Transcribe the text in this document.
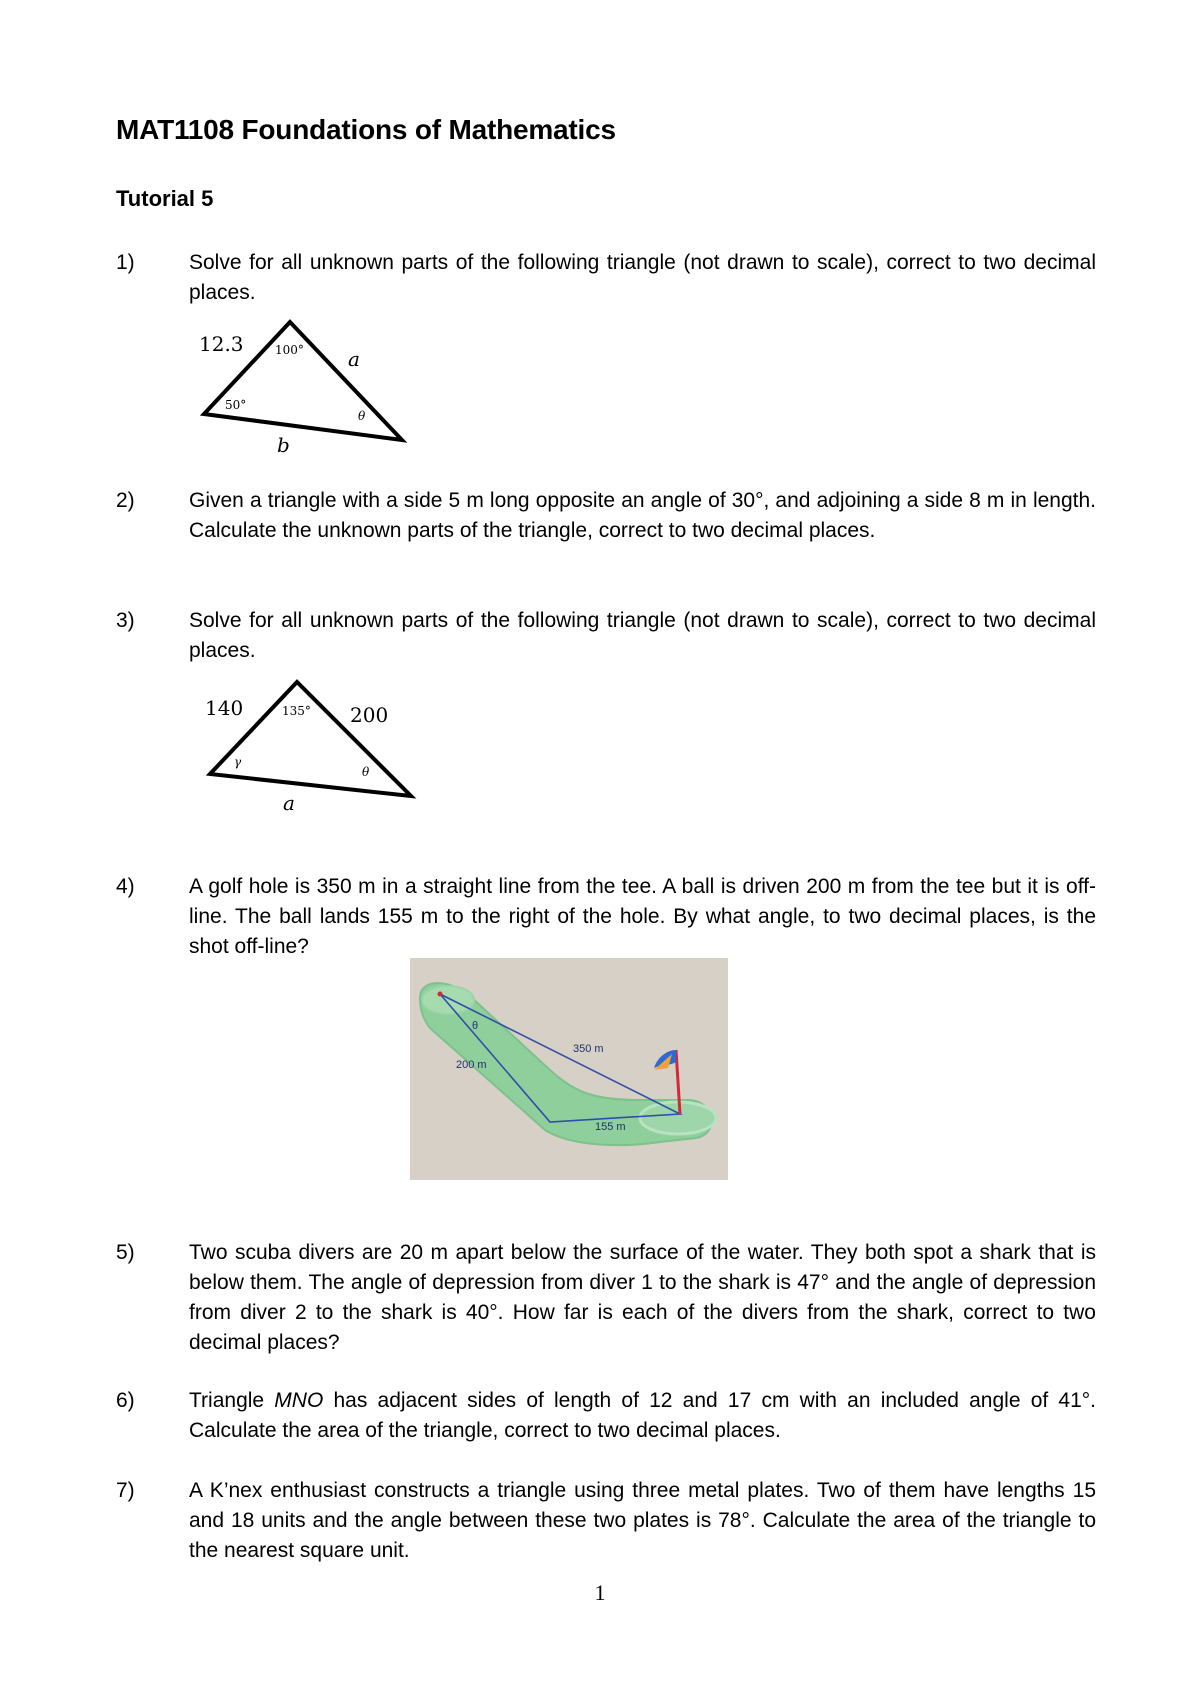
MAT1108 Foundations of Mathematics
Tutorial 5
1)	Solve for all unknown parts of the following triangle (not drawn to scale), correct to two decimal places.
12.3	100° a
50°
θ
b
2)	Given a triangle with a side 5 m long opposite an angle of 30°, and adjoining a side 8 m in length. Calculate the unknown parts of the triangle, correct to two decimal places.
3)	Solve for all unknown parts of the following triangle (not drawn to scale), correct to two decimal places.
140	135° 200
γ
θ
a
4)	A golf hole is 350 m in a straight line from the tee. A ball is driven 200 m from the tee but it is off-line. The ball lands 155 m to the right of the hole. By what angle, to two decimal places, is the shot off-line?
θ
350 m
200 m
155 m
5)	Two scuba divers are 20 m apart below the surface of the water. They both spot a shark that is below them. The angle of depression from diver 1 to the shark is 47° and the angle of depression from diver 2 to the shark is 40°. How far is each of the divers from the shark, correct to two decimal places?
6)	Triangle MNO has adjacent sides of length of 12 and 17 cm with an included angle of 41°. Calculate the area of the triangle, correct to two decimal places.
7)	A K’nex enthusiast constructs a triangle using three metal plates. Two of them have lengths 15 and 18 units and the angle between these two plates is 78°. Calculate the area of the triangle to the nearest square unit.
1
